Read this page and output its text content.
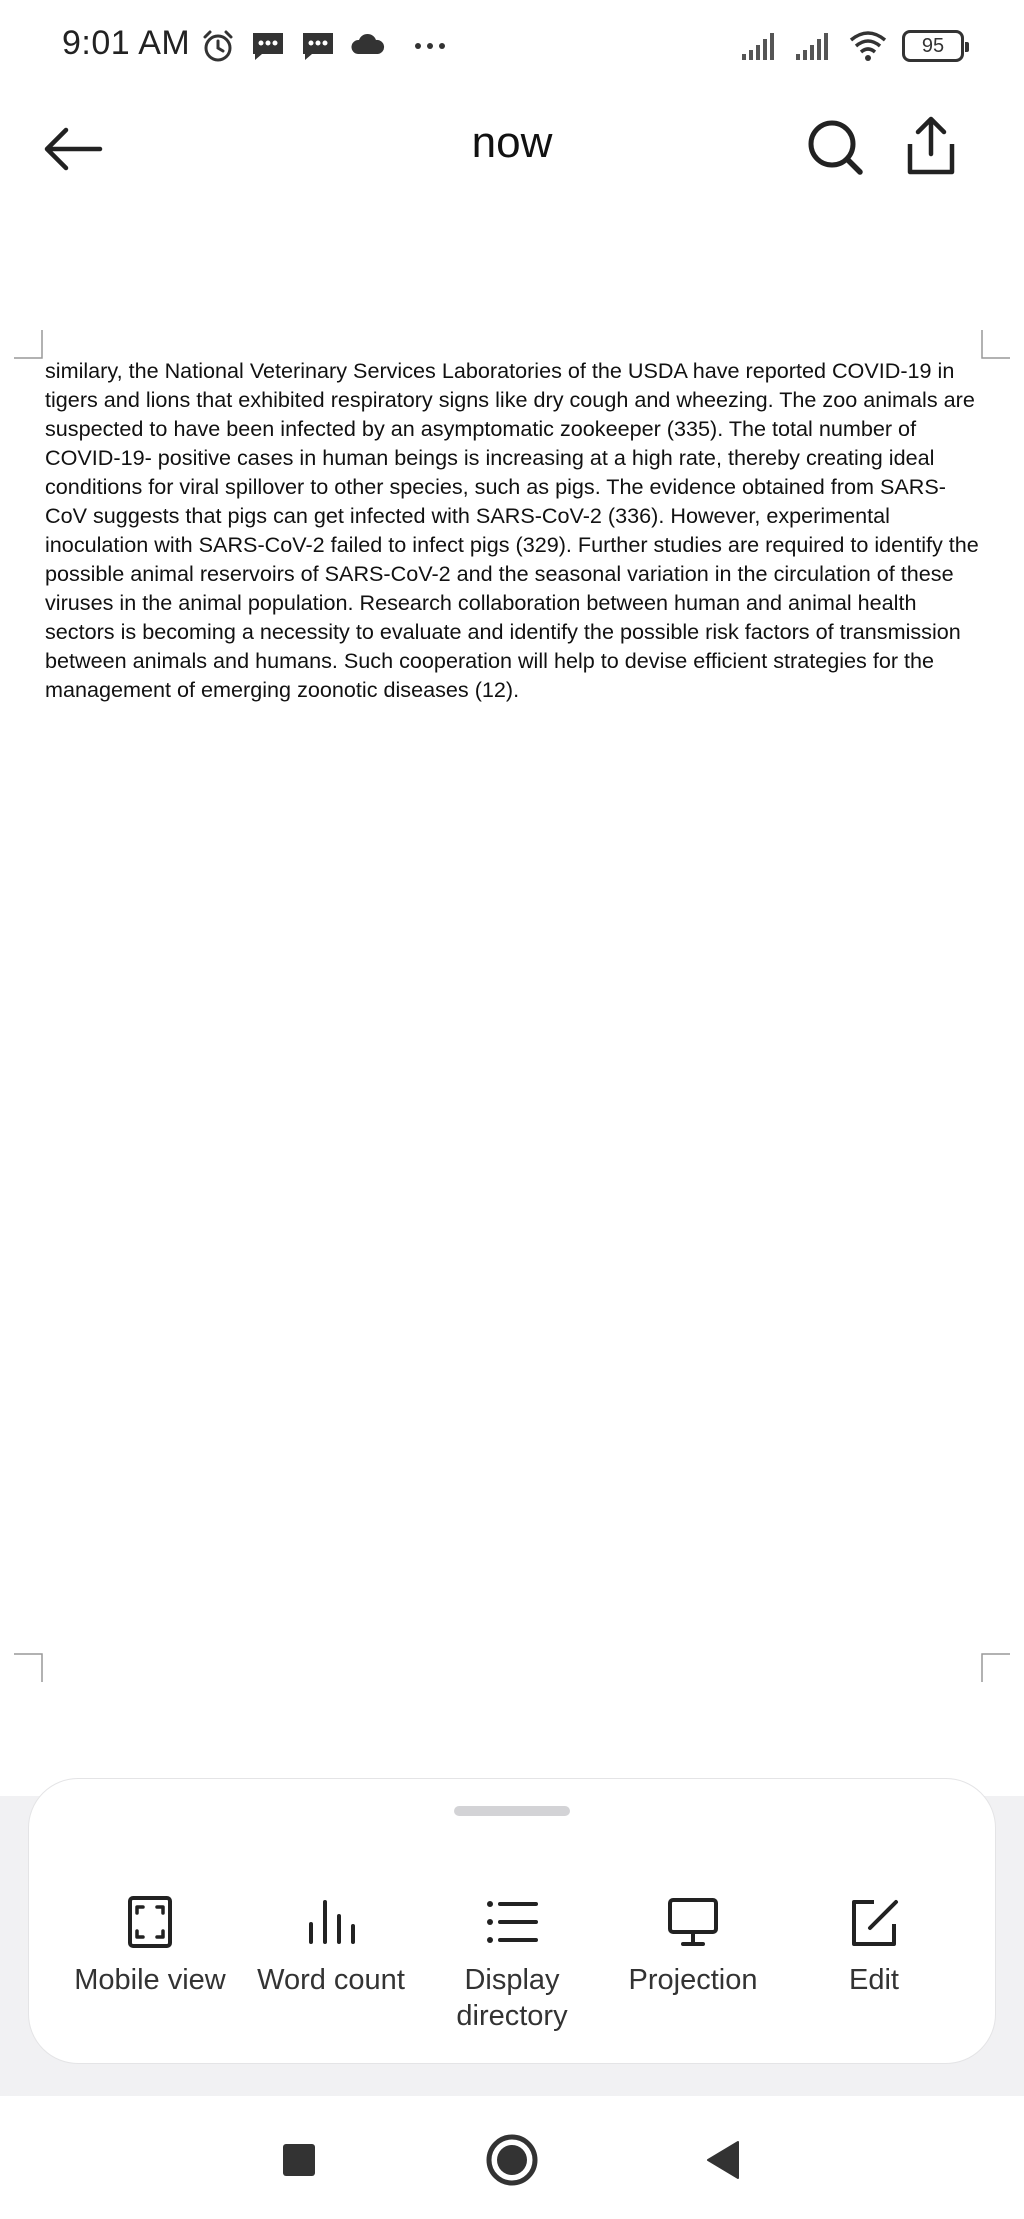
9:01 AM	95
now
similary, the National Veterinary Services Laboratories of the USDA have reported COVID-19 in tigers and lions that exhibited respiratory signs like dry cough and wheezing. The zoo animals are suspected to have been infected by an asymptomatic zookeeper (335). The total number of COVID-19- positive cases in human beings is increasing at a high rate, thereby creating ideal conditions for viral spillover to other species, such as pigs. The evidence obtained from SARS-CoV suggests that pigs can get infected with SARS-CoV-2 (336). However, experimental inoculation with SARS-CoV-2 failed to infect pigs (329). Further studies are required to identify the possible animal reservoirs of SARS-CoV-2 and the seasonal variation in the circulation of these viruses in the animal population. Research collaboration between human and animal health sectors is becoming a necessity to evaluate and identify the possible risk factors of transmission between animals and humans. Such cooperation will help to devise efficient strategies for the management of emerging zoonotic diseases (12).
Mobile view	Word count	Display directory
Projection	Edit
